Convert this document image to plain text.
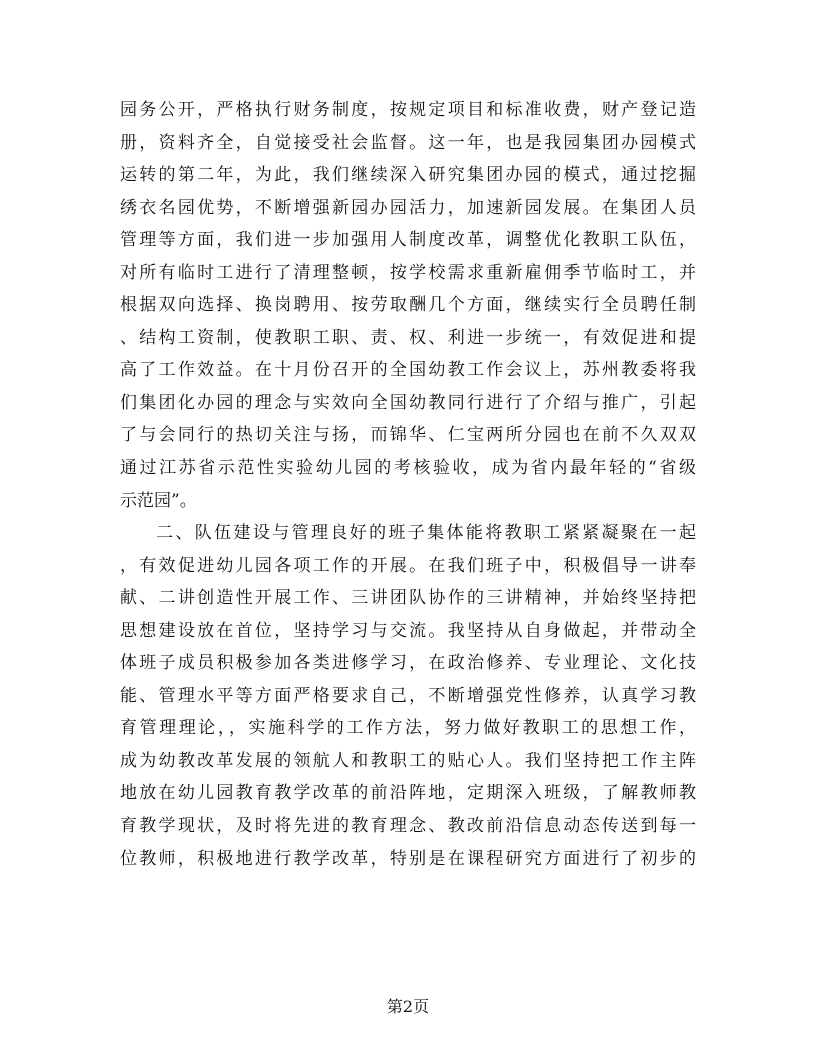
园务公开，严格执行财务制度，按规定项目和标准收费，财产登记造
册，资料齐全，自觉接受社会监督。这一年，也是我园集团办园模式
运转的第二年，为此，我们继续深入研究集团办园的模式，通过挖掘
绣衣名园优势，不断增强新园办园活力，加速新园发展。在集团人员
管理等方面，我们进一步加强用人制度改革，调整优化教职工队伍，
对所有临时工进行了清理整顿，按学校需求重新雇佣季节临时工，并
根据双向选择、换岗聘用、按劳取酬几个方面，继续实行全员聘任制
、结构工资制，使教职工职、责、权、利进一步统一，有效促进和提
高了工作效益。在十月份召开的全国幼教工作会议上，苏州教委将我
们集团化办园的理念与实效向全国幼教同行进行了介绍与推广，引起
了与会同行的热切关注与扬，而锦华、仁宝两所分园也在前不久双双
通过江苏省示范性实验幼儿园的考核验收，成为省内最年轻的“省级
示范园”。
二、队伍建设与管理良好的班子集体能将教职工紧紧凝聚在一起
，有效促进幼儿园各项工作的开展。在我们班子中，积极倡导一讲奉
献、二讲创造性开展工作、三讲团队协作的三讲精神，并始终坚持把
思想建设放在首位，坚持学习与交流。我坚持从自身做起，并带动全
体班子成员积极参加各类进修学习，在政治修养、专业理论、文化技
能、管理水平等方面严格要求自己，不断增强党性修养，认真学习教
育管理理论，，实施科学的工作方法，努力做好教职工的思想工作，
成为幼教改革发展的领航人和教职工的贴心人。我们坚持把工作主阵
地放在幼儿园教育教学改革的前沿阵地，定期深入班级，了解教师教
育教学现状，及时将先进的教育理念、教改前沿信息动态传送到每一
位教师，积极地进行教学改革，特别是在课程研究方面进行了初步的
第2页
